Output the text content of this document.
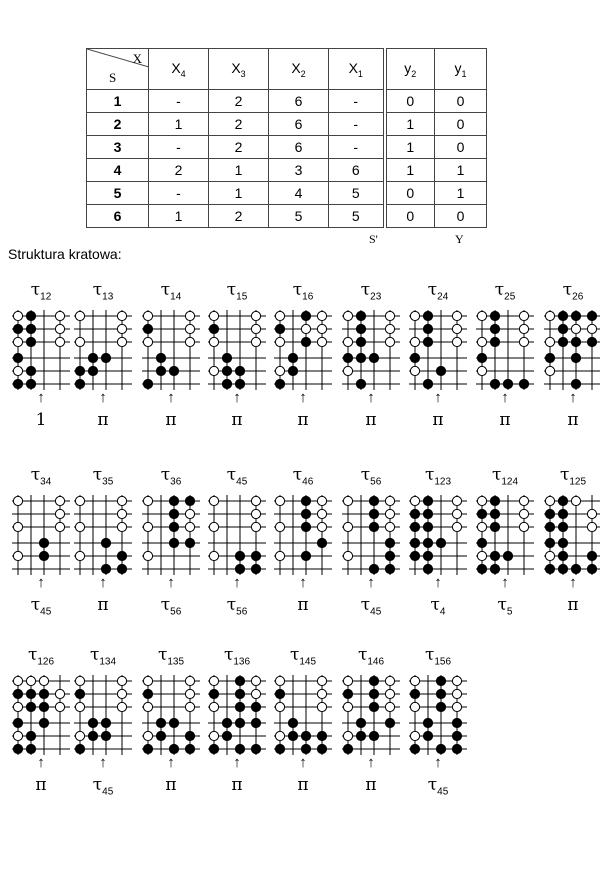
X
S	$X_4$	$X_3$	$X_2$	$X_1$	$y_2$	$y_1$
1	-	2	6	-	0	0
2	1	2	6	-	1	0
3	-	2	6	-	1	0
4	2	1	3	6	1	1
5	-	1	4	5	0	1
6	1	2	5	5	0	0
S'	Y
Struktura kratowa:
$\tau_{12}$
↑
1
$\tau_{13}$
↑
π
$\tau_{14}$
↑
π
$\tau_{15}$
↑
π
$\tau_{16}$
↑
π
$\tau_{23}$
↑
π
$\tau_{24}$
↑
π
$\tau_{25}$
↑
π
$\tau_{26}$
↑
π
$\tau_{34}$
↑
$\tau_{45}$
$\tau_{35}$
↑
π
$\tau_{36}$
↑
$\tau_{56}$
$\tau_{45}$
↑
$\tau_{56}$
$\tau_{46}$
↑
π
$\tau_{56}$
↑
$\tau_{45}$
$\tau_{123}$
↑
$\tau_4$
$\tau_{124}$
↑
$\tau_5$
$\tau_{125}$
↑
π
$\tau_{126}$
↑
π
$\tau_{134}$
↑
$\tau_{45}$
$\tau_{135}$
↑
π
$\tau_{136}$
↑
π
$\tau_{145}$
↑
π
$\tau_{146}$
↑
π
$\tau_{156}$
↑
$\tau_{45}$
